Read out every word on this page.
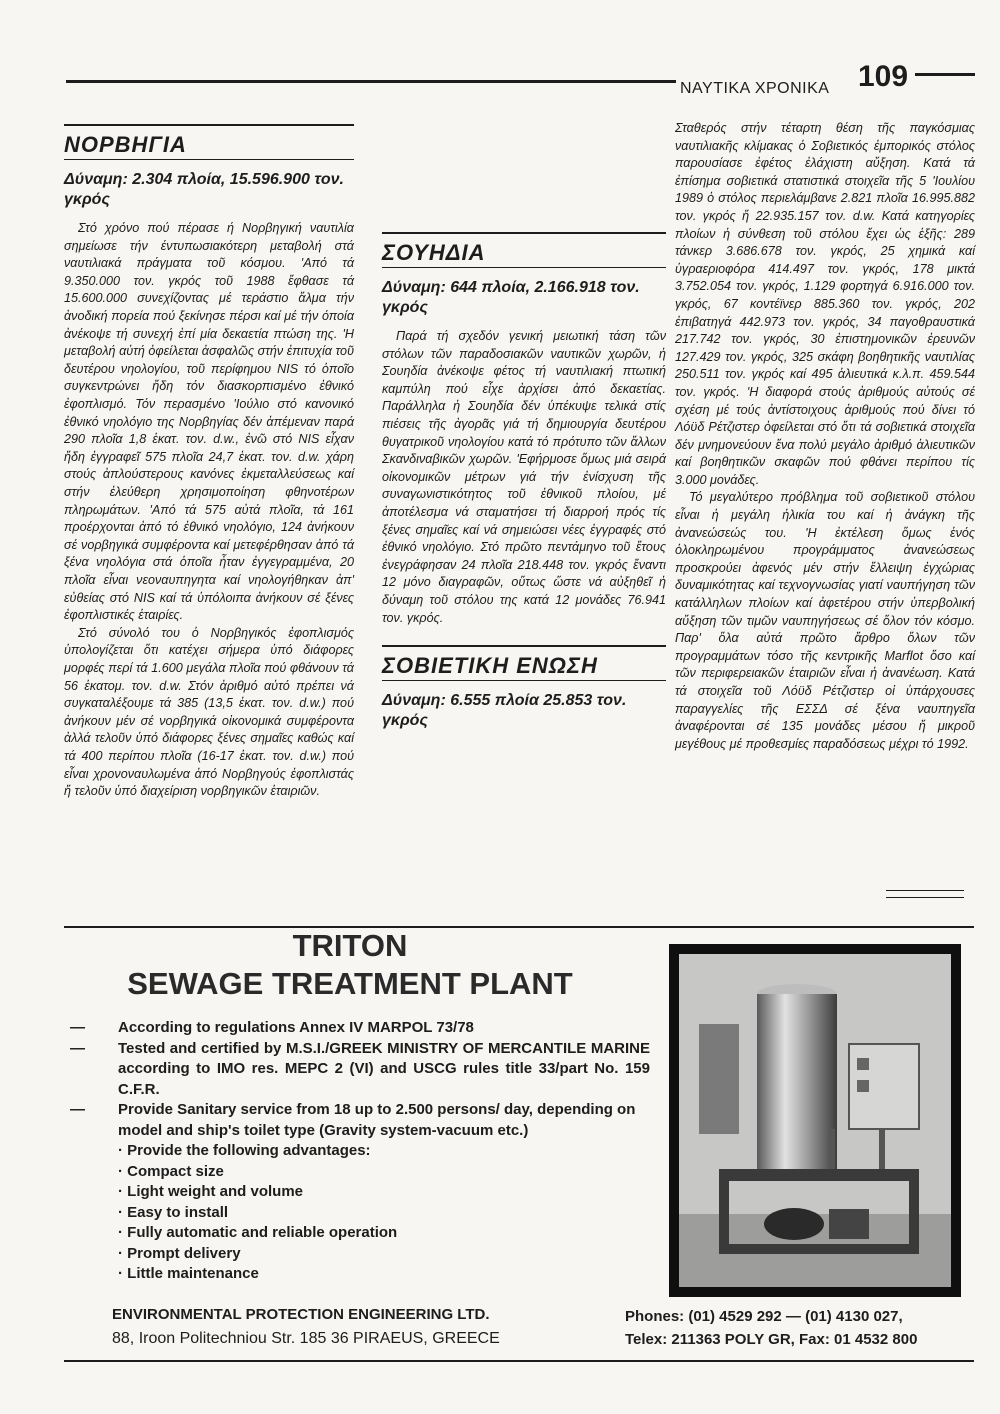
ΝΑΥΤΙΚΑ ΧΡΟΝΙΚΑ 109
ΝΟΡΒΗΓΙΑ
Δύναμη: 2.304 πλοία, 15.596.900 τον. γκρός

Στό χρόνο πού πέρασε ή Νορβηγική ναυτιλία σημείωσε τήν έντυπωσιακότερη μεταβολή στά ναυτιλιακά πράγματα τοῦ κόσμου. 'Από τά 9.350.000 τον. γκρός τοῦ 1988 ἔφθασε τά 15.600.000 συνεχίζοντας μέ τεράστιο ἅλμα τήν ἀνοδική πορεία πού ξεκίνησε πέρσι καί μέ τήν όποία ἀνέκοψε τή συνεχή ἐπί μία δεκαετία πτώση της. 'Η μεταβολή αὐτή ὀφείλεται ἀσφαλῶς στήν ἐπιτυχία τοῦ δευτέρου νηολογίου, τοῦ περίφημου NIS τό ὁποῖο συγκεντρώνει ἤδη τόν διασκορπισμένο ἐθνικό ἐφοπλισμό. Τόν περασμένο 'Ιούλιο στό κανονικό ἐθνικό νηολόγιο της Νορβηγίας δέν ἀπέμεναν παρά 290 πλοῖα 1,8 ἑκατ. τον. d.w., ἐνῶ στό NIS εἶχαν ἤδη ἐγγραφεῖ 575 πλοῖα 24,7 ἑκατ. τον. d.w. χάρη στούς ἀπλούστερους κανόνες ἐκμεταλλεύσεως καί στήν ἐλεύθερη χρησιμοποίηση φθηνοτέρων πληρωμάτων. 'Από τά 575 αὐτά πλοῖα, τά 161 προέρχονται ἀπό τό ἐθνικό νηολόγιο, 124 ἀνήκουν σέ νορβηγικά συμφέροντα καί μετεφέρθησαν ἀπό τά ξένα νηολόγια στά ὁποῖα ἦταν ἐγγεγραμμένα, 20 πλοῖα εἶναι νεοναυπηγητα καί νηολογήθηκαν ἀπ' εὐθείας στό NIS καί τά ὑπόλοιπα ἀνήκουν σέ ξένες ἐφοπλιστικές ἑταιρίες.

Στό σύνολό του ὁ Νορβηγικός ἐφοπλισμός ὑπολογίζεται ὅτι κατέχει σήμερα ὑπό διάφορες μορφές περί τά 1.600 μεγάλα πλοῖα πού φθάνουν τά 56 ἑκατομ. τον. d.w. Στόν ἀριθμό αὐτό πρέπει νά συγκαταλέξουμε τά 385 (13,5 ἑκατ. τον. d.w.) πού ἀνήκουν μέν σέ νορβηγικά οἰκονομικά συμφέροντα ἀλλά τελοῦν ὑπό διάφορες ξένες σημαῖες καθώς καί τά 400 περίπου πλοῖα (16-17 ἑκατ. τον. d.w.) πού εἶναι χρονοναυλωμένα ἀπό Νορβηγούς ἐφοπλιστάς ἤ τελοῦν ὑπό διαχείριση νορβηγικῶν ἑταιριῶν.

ΣΟΥΗΔΙΑ
Δύναμη: 644 πλοία, 2.166.918 τον. γκρός

Παρά τή σχεδόν γενική μειωτική τάση τῶν στόλων τῶν παραδοσιακῶν ναυτικῶν χωρῶν, ἡ Σουηδία ἀνέκοψε φέτος τή ναυτιλιακή πτωτική καμπύλη πού εἶχε ἀρχίσει ἀπό δεκαετίας. Παράλληλα ἡ Σουηδία δέν ὑπέκυψε τελικά στίς πιέσεις τῆς ἀγορᾶς γιά τή δημιουργία δευτέρου θυγατρικοῦ νηολογίου κατά τό πρότυπο τῶν ἄλλων Σκανδιναβικῶν χωρῶν. 'Εφήρμοσε ὅμως μιά σειρά οἰκονομικῶν μέτρων γιά τήν ἐνίσχυση τῆς συναγωνιστικότητος τοῦ ἐθνικοῦ πλοίου, μέ ἀποτέλεσμα νά σταματήσει τή διαρροή πρός τίς ξένες σημαῖες καί νά σημειώσει νέες ἐγγραφές στό ἐθνικό νηολόγιο. Στό πρῶτο πεντάμηνο τοῦ ἔτους ἐνεγράφησαν 24 πλοῖα 218.448 τον. γκρός ἔναντι 12 μόνο διαγραφῶν, οὕτως ὥστε νά αὐξηθεῖ ἡ δύναμη τοῦ στόλου της κατά 12 μονάδες 76.941 τον. γκρός.

ΣΟΒΙΕΤΙΚΗ ΕΝΩΣΗ
Δύναμη: 6.555 πλοία 25.853 τον. γκρός

Σταθερός στήν τέταρτη θέση τῆς παγκόσμιας ναυτιλιακῆς κλίμακας ὁ Σοβιετικός ἐμπορικός στόλος παρουσίασε ἐφέτος ἐλάχιστη αὔξηση. Κατά τά ἐπίσημα σοβιετικά στατιστικά στοιχεῖα τῆς 5 'Ιουλίου 1989 ὁ στόλος περιελάμβανε 2.821 πλοῖα 16.995.882 τον. γκρός ἤ 22.935.157 τον. d.w. Κατά κατηγορίες πλοίων ἡ σύνθεση τοῦ στόλου ἔχει ὡς ἑξῆς: 289 τάνκερ 3.686.678 τον. γκρός, 25 χημικά καί ὑγραεριοφόρα 414.497 τον. γκρός, 178 μικτά 3.752.054 τον. γκρός, 1.129 φορτηγά 6.916.000 τον. γκρός, 67 κοντέϊνερ 885.360 τον. γκρός, 202 ἐπιβατηγά 442.973 τον. γκρός, 34 παγοθραυστικά 217.742 τον. γκρός, 30 ἐπιστημονικῶν ἐρευνῶν 127.429 τον. γκρός, 325 σκάφη βοηθητικῆς ναυτιλίας 250.511 τον. γκρός καί 495 ἁλιευτικά κ.λ.π. 459.544 τον. γκρός. 'Η διαφορά στούς ἀριθμούς αὐτούς σέ σχέση μέ τούς ἀντίστοιχους ἀριθμούς πού δίνει τό Λόϋδ Ρέτζιστερ ὀφείλεται στό ὅτι τά σοβιετικά στοιχεῖα δέν μνημονεύουν ἕνα πολύ μεγάλο ἀριθμό ἁλιευτικῶν καί βοηθητικῶν σκαφῶν πού φθάνει περίπου τίς 3.000 μονάδες.

Τό μεγαλύτερο πρόβλημα τοῦ σοβιετικοῦ στόλου εἶναι ἡ μεγάλη ἡλικία του καί ἡ ἀνάγκη τῆς ἀνανεώσεώς του. 'Η ἐκτέλεση ὅμως ἑνός ὁλοκληρωμένου προγράμματος ἀνανεώσεως προσκρούει ἀφενός μέν στήν ἔλλειψη ἐγχώριας δυναμικότητας καί τεχνογνωσίας γιατί ναυπήγηση τῶν κατάλληλων πλοίων καί ἀφετέρου στήν ὑπερβολική αὔξηση τῶν τιμῶν ναυπηγήσεως σέ ὅλον τόν κόσμο. Παρ' ὅλα αὐτά πρῶτο ἄρθρο ὅλων τῶν προγραμμάτων τόσο τῆς κεντρικῆς Marflot ὅσο καί τῶν περιφερειακῶν ἑταιριῶν εἶναι ἡ ἀνανέωση. Κατά τά στοιχεῖα τοῦ Λόϋδ Ρέτζιστερ οἱ ὑπάρχουσες παραγγελίες τῆς ΕΣΣΔ σέ ξένα ναυπηγεῖα ἀναφέρονται σέ 135 μονάδες μέσου ἤ μικροῦ μεγέθους μέ προθεσμίες παραδόσεως μέχρι τό 1992.

TRITON
SEWAGE TREATMENT PLANT
— According to regulations Annex IV MARPOL 73/78
— Tested and certified by M.S.I./GREEK MINISTRY OF MERCANTILE MARINE according to IMO res. MEPC 2 (VI) and USCG rules title 33/part No. 159 C.F.R.
— Provide Sanitary service from 18 up to 2.500 persons/ day, depending on model and ship's toilet type (Gravity system-vacuum etc.)
· Provide the following advantages:
· Compact size
· Light weight and volume
· Easy to install
· Fully automatic and reliable operation
· Prompt delivery
· Little maintenance
ENVIRONMENTAL PROTECTION ENGINEERING LTD.
88, Iroon Politechniou Str. 185 36 PIRAEUS, GREECE
Phones: (01) 4529 292 — (01) 4130 027,
Telex: 211363 POLY GR, Fax: 01 4532 800
